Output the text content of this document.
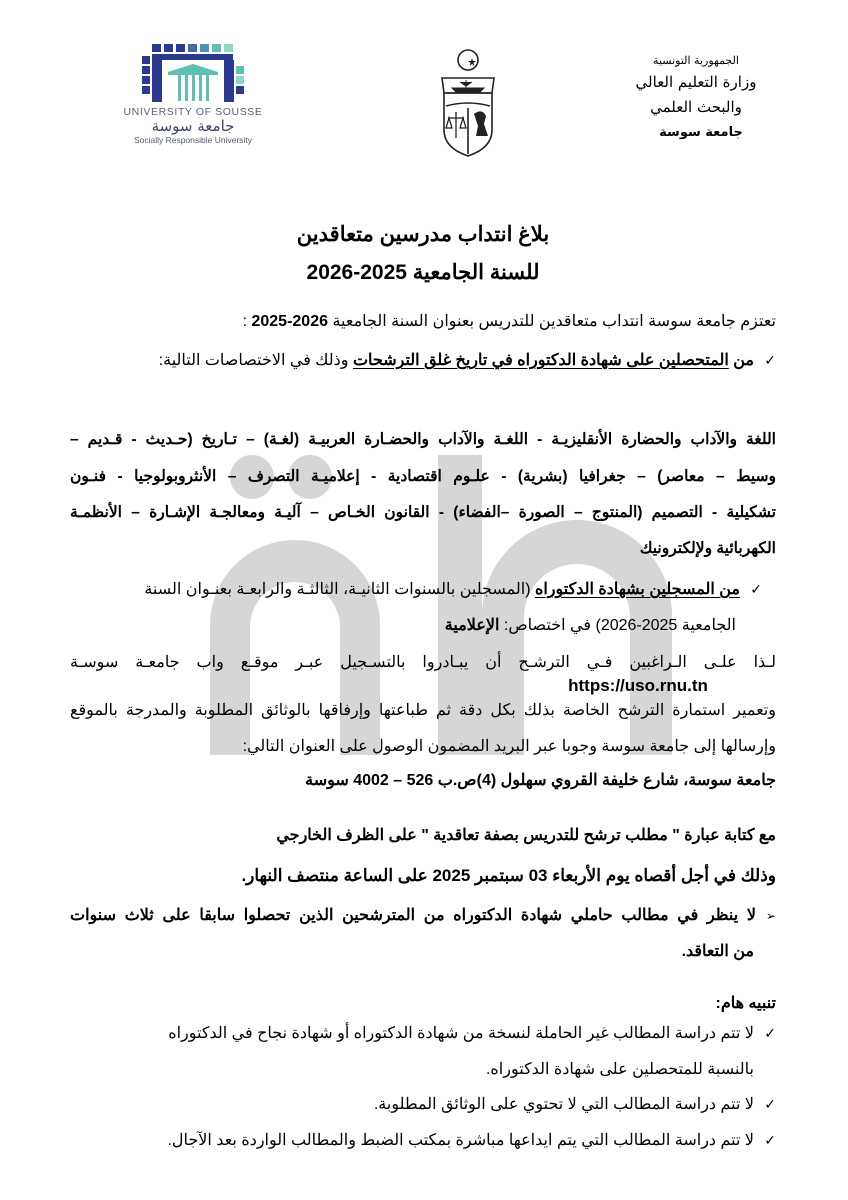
UNIVERSITY OF SOUSSE
جامعة سوسة
Socially Responsible University
الجمهورية التونسية
وزارة التعليم العالي
والبحث العلمي
جامعة سوسة
بلاغ انتداب مدرسين متعاقدين
للسنة الجامعية 2025-2026
تعتزم جامعة سوسة انتداب متعاقدين للتدريس بعنوان السنة الجامعية 2025-2026 :
✓من المتحصلين على شهادة الدكتوراه في تاريخ غلق الترشحات وذلك في الاختصاصات التالية:
اللغة والآداب والحضارة الأنقليزيـة - اللغـة والآداب والحضـارة العربيـة (لغـة) – تـاريخ (حـديث - قـديم –
وسيط – معاصر) – جغرافيا (بشرية) - علـوم اقتصادية - إعلاميـة التصرف – الأنثروبولوجيا - فنـون
تشكيلية - التصميم (المنتوج – الصورة –الفضاء) - القانون الخـاص – آليـة ومعالجـة الإشـارة – الأنظمـة
الكهربائية ولإلكترونيك
✓من المسجلين بشهادة الدكتوراه (المسجلين بالسنوات الثانيـة، الثالثـة والرابعـة بعنـوان السنة
الجامعية 2025-2026) في اختصاص: الإعلامية
لـذا علـى الـراغبين فـي الترشـح أن يبـادروا بالتسـجيل عبـر موقـع واب جامعـة سوسـة
https://uso.rnu.tn
وتعمير استمارة الترشح الخاصة بذلك بكل دقة ثم طباعتها وإرفاقها بالوثائق المطلوبة والمدرجة بالموقع
وإرسالها إلى جامعة سوسة وجوبا عبر البريد المضمون الوصول على العنوان التالي:
جامعة سوسة، شارع خليفة القروي سهلول (4)ص.ب 526 – 4002 سوسة
مع كتابة عبارة " مطلب ترشح للتدريس بصفة تعاقدية " على الظرف الخارجي
وذلك في أجل أقصاه يوم الأربعاء 03 سبتمبر 2025 على الساعة منتصف النهار.
➢لا ينظر في مطالب حاملي شهادة الدكتوراه من المترشحين الذين تحصلوا سابقا على ثلاث سنوات
من التعاقد.
تنبيه هام:
✓لا تتم دراسة المطالب غير الحاملة لنسخة من شهادة الدكتوراه أو شهادة نجاح في الدكتوراه
بالنسبة للمتحصلين على شهادة الدكتوراه.
✓لا تتم دراسة المطالب التي لا تحتوي على الوثائق المطلوبة.
✓لا تتم دراسة المطالب التي يتم ايداعها مباشرة بمكتب الضبط والمطالب الواردة بعد الآجال.
